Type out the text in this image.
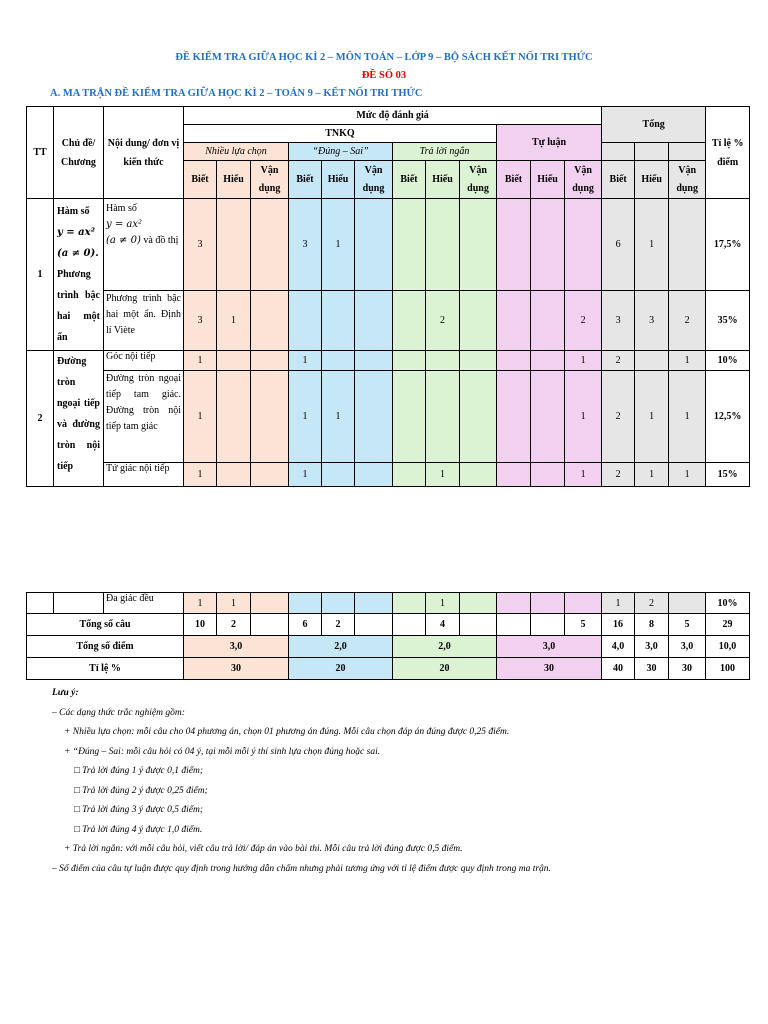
ĐỀ KIỂM TRA GIỮA HỌC KÌ 2 – MÔN TOÁN – LỚP 9 – BỘ SÁCH KẾT NỐI TRI THỨC
ĐỀ SỐ 03
A. MA TRẬN ĐỀ KIỂM TRA GIỮA HỌC KÌ 2 – TOÁN 9 – KẾT NỐI TRI THỨC
TT	Chủ đề/ Chương	Nội dung/ đơn vị kiến thức	Mức độ đánh giá												Tổng			Tỉ lệ % điểm
			TNKQ									Tự luận						
			Nhiều lựa chọn			“Đúng – Sai”			Trả lời ngắn									
			Biết	Hiểu	Vận dụng	Biết	Hiểu	Vận dụng	Biết	Hiểu	Vận dụng	Biết	Hiểu	Vận dụng	Biết	Hiểu	Vận dụng	
1	Hàm số
y = ax²
(a ≠ 0).
Phương trình bậc hai một ẩn	Hàm số
y = ax²
(a ≠ 0) và đồ thị	3			3	1								6	1		17,5%
		Phương trình bậc hai một ẩn. Định lí Viète	3	1						2				2	3	3	2	35%
2	Đường tròn ngoại tiếp và đường tròn nội tiếp	Góc nội tiếp	1			1								1	2		1	10%
		Đường tròn ngoại tiếp tam giác. Đường tròn nội tiếp tam giác	1			1	1							1	2	1	1	12,5%
		Tứ giác nội tiếp	1			1				1				1	2	1	1	15%
		Đa giác đều	1	1						1					1	2		10%
Tổng số câu			10	2		6	2			4				5	16	8	5	29
Tổng số điểm			3,0			2,0			2,0			3,0			4,0	3,0	3,0	10,0
Tỉ lệ %			30			20			20			30			40	30	30	100
Lưu ý:
– Các dạng thức trắc nghiệm gồm:
+ Nhiều lựa chọn: mỗi câu cho 04 phương án, chọn 01 phương án đúng. Mỗi câu chọn đáp án đúng được 0,25 điểm.
+ “Đúng – Sai: mỗi câu hỏi có 04 ý, tại mỗi mỗi ý thí sinh lựa chọn đúng hoặc sai.
□ Trả lời đúng 1 ý được 0,1 điểm;
□ Trả lời đúng 2 ý được 0,25 điểm;
□ Trả lời đúng 3 ý được 0,5 điểm;
□ Trả lời đúng 4 ý được 1,0 điểm.
+ Trả lời ngắn: với mỗi câu hỏi, viết câu trả lời/ đáp án vào bài thi. Mỗi câu trả lời đúng được 0,5 điểm.
– Số điểm của câu tự luận được quy định trong hướng dẫn chấm nhưng phải tương ứng với tỉ lệ điểm được quy định trong ma trận.
